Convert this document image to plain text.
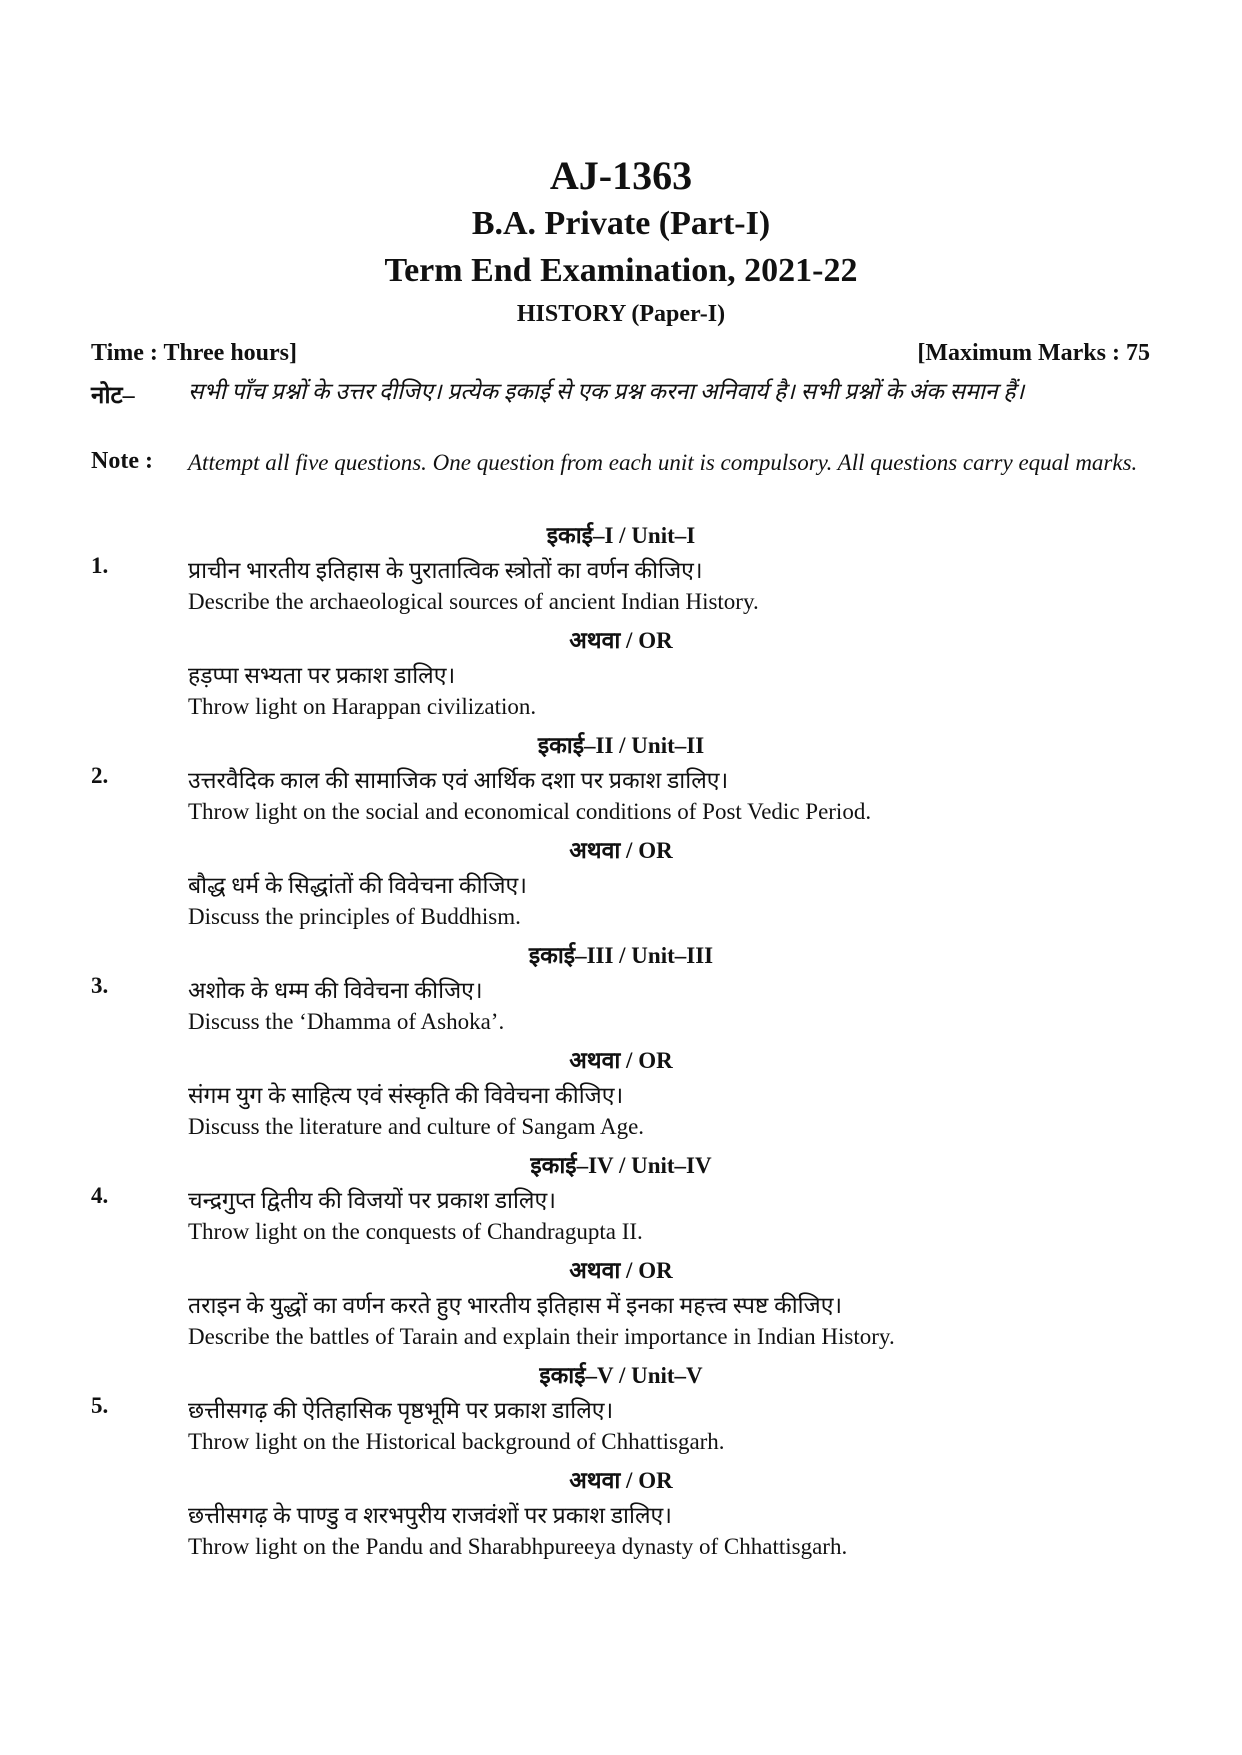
AJ-1363
B.A. Private (Part-I)
Term End Examination, 2021-22
HISTORY (Paper-I)
Time : Three hours]	[Maximum Marks : 75
नोट– सभी पाँच प्रश्नों के उत्तर दीजिए। प्रत्येक इकाई से एक प्रश्न करना अनिवार्य है। सभी प्रश्नों के अंक समान हैं।
Note : Attempt all five questions. One question from each unit is compulsory. All questions carry equal marks.
इकाई–I / Unit–I
1.	प्राचीन भारतीय इतिहास के पुरातात्विक स्त्रोतों का वर्णन कीजिए।
Describe the archaeological sources of ancient Indian History.
अथवा / OR
हड़प्पा सभ्यता पर प्रकाश डालिए।
Throw light on Harappan civilization.
इकाई–II / Unit–II
2.	उत्तरवैदिक काल की सामाजिक एवं आर्थिक दशा पर प्रकाश डालिए।
Throw light on the social and economical conditions of Post Vedic Period.
अथवा / OR
बौद्ध धर्म के सिद्धांतों की विवेचना कीजिए।
Discuss the principles of Buddhism.
इकाई–III / Unit–III
3.	अशोक के धम्म की विवेचना कीजिए।
Discuss the ‘Dhamma of Ashoka’.
अथवा / OR
संगम युग के साहित्य एवं संस्कृति की विवेचना कीजिए।
Discuss the literature and culture of Sangam Age.
इकाई–IV / Unit–IV
4.	चन्द्रगुप्त द्वितीय की विजयों पर प्रकाश डालिए।
Throw light on the conquests of Chandragupta II.
अथवा / OR
तराइन के युद्धों का वर्णन करते हुए भारतीय इतिहास में इनका महत्त्व स्पष्ट कीजिए।
Describe the battles of Tarain and explain their importance in Indian History.
इकाई–V / Unit–V
5.	छत्तीसगढ़ की ऐतिहासिक पृष्ठभूमि पर प्रकाश डालिए।
Throw light on the Historical background of Chhattisgarh.
अथवा / OR
छत्तीसगढ़ के पाण्डु व शरभपुरीय राजवंशों पर प्रकाश डालिए।
Throw light on the Pandu and Sharabhpureeya dynasty of Chhattisgarh.
